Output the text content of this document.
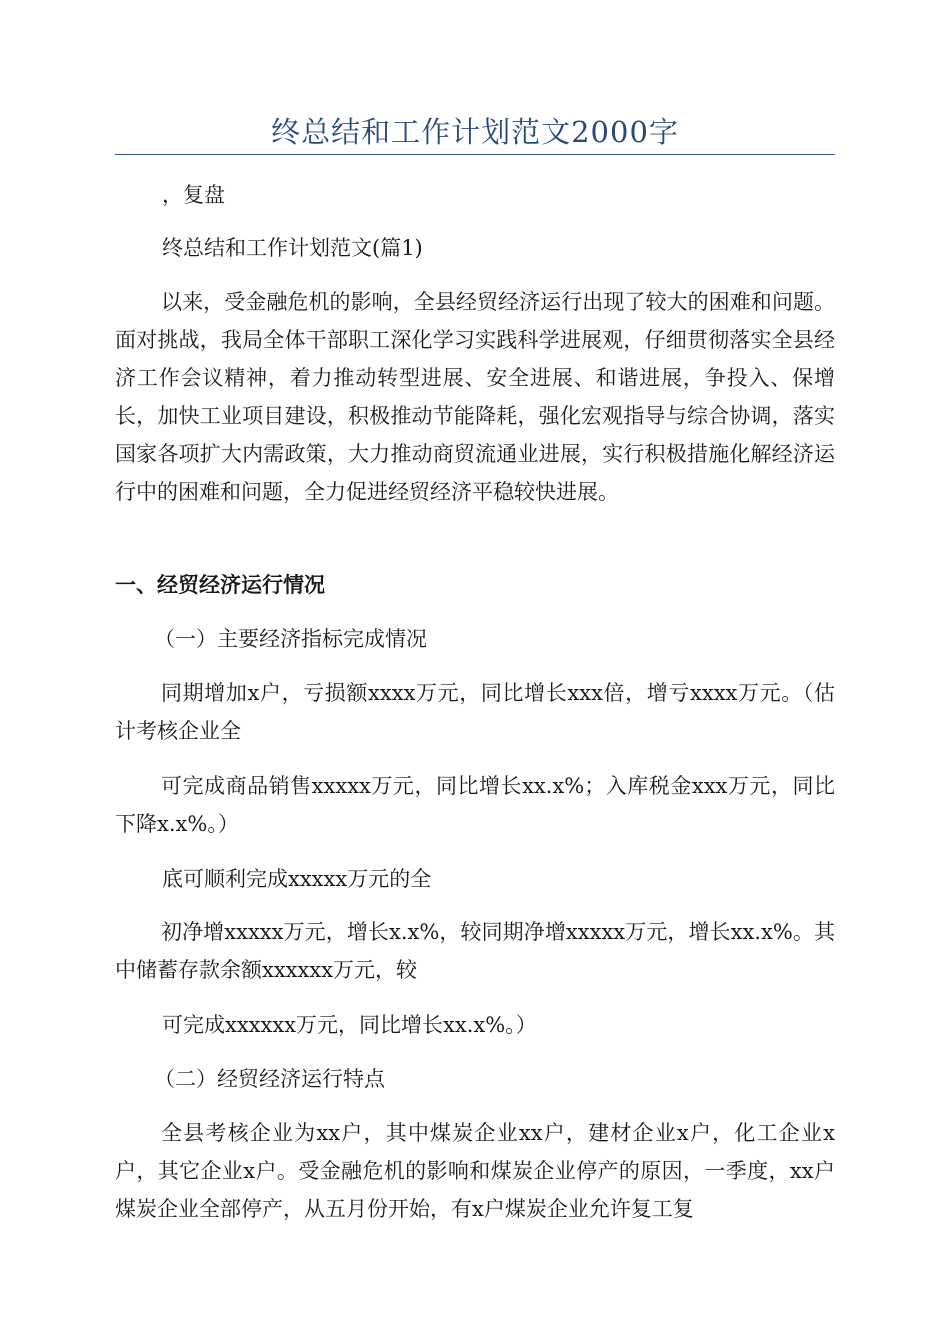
终总结和工作计划范文2000字

，复盘

终总结和工作计划范文(篇1)

以来，受金融危机的影响，全县经贸经济运行出现了较大的困难和问题。面对挑战，我局全体干部职工深化学习实践科学进展观，仔细贯彻落实全县经济工作会议精神，着力推动转型进展、安全进展、和谐进展，争投入、保增长，加快工业项目建设，积极推动节能降耗，强化宏观指导与综合协调，落实国家各项扩大内需政策，大力推动商贸流通业进展，实行积极措施化解经济运行中的困难和问题，全力促进经贸经济平稳较快进展。

一、经贸经济运行情况

（一）主要经济指标完成情况

同期增加x户，亏损额xxxx万元，同比增长xxx倍，增亏xxxx万元。（估计考核企业全

可完成商品销售xxxxx万元，同比增长xx.x%；入库税金xxx万元，同比下降x.x%。）

底可顺利完成xxxxx万元的全

初净增xxxxx万元，增长x.x%，较同期净增xxxxx万元，增长xx.x%。其中储蓄存款余额xxxxxx万元，较

可完成xxxxxx万元，同比增长xx.x%。）

（二）经贸经济运行特点

全县考核企业为xx户，其中煤炭企业xx户，建材企业x户，化工企业x户，其它企业x户。受金融危机的影响和煤炭企业停产的原因，一季度，xx户煤炭企业全部停产，从五月份开始，有x户煤炭企业允许复工复
